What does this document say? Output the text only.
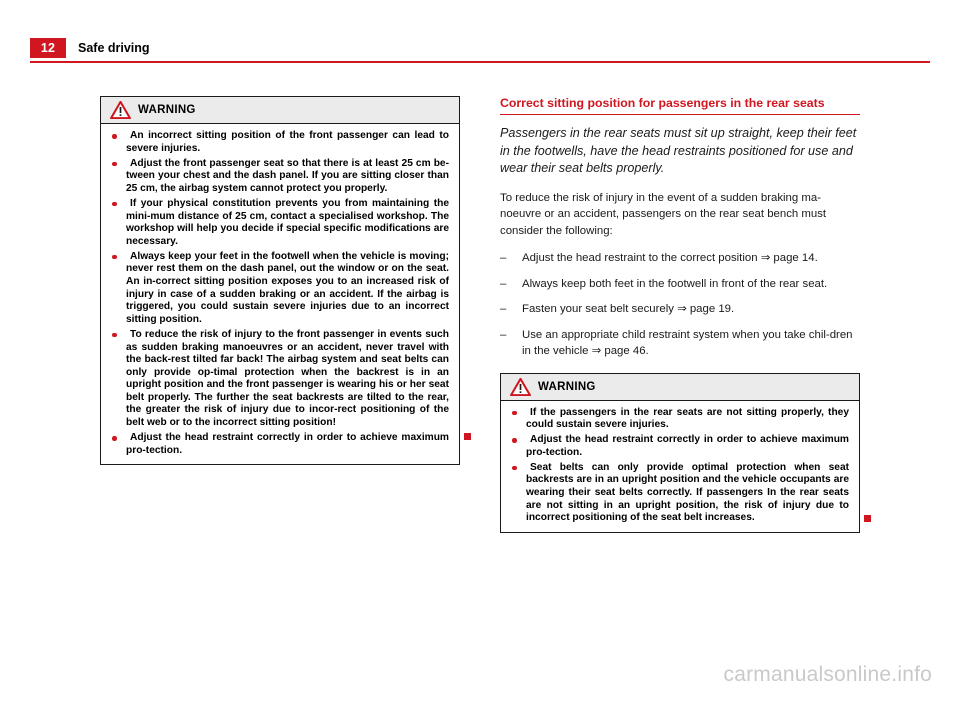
12	Safe driving
WARNING
An incorrect sitting position of the front passenger can lead to severe injuries.
Adjust the front passenger seat so that there is at least 25 cm be-tween your chest and the dash panel. If you are sitting closer than 25 cm, the airbag system cannot protect you properly.
If your physical constitution prevents you from maintaining the mini-mum distance of 25 cm, contact a specialised workshop. The workshop will help you decide if special specific modifications are necessary.
Always keep your feet in the footwell when the vehicle is moving; never rest them on the dash panel, out the window or on the seat. An in-correct sitting position exposes you to an increased risk of injury in case of a sudden braking or an accident. If the airbag is triggered, you could sustain severe injuries due to an incorrect sitting position.
To reduce the risk of injury to the front passenger in events such as sudden braking manoeuvres or an accident, never travel with the back-rest tilted far back! The airbag system and seat belts can only provide op-timal protection when the backrest is in an upright position and the front passenger is wearing his or her seat belt properly. The further the seat backrests are tilted to the rear, the greater the risk of injury due to incor-rect positioning of the belt web or to the incorrect sitting position!
Adjust the head restraint correctly in order to achieve maximum pro-tection.
Correct sitting position for passengers in the rear seats
Passengers in the rear seats must sit up straight, keep their feet in the footwells, have the head restraints positioned for use and wear their seat belts properly.
To reduce the risk of injury in the event of a sudden braking ma-noeuvre or an accident, passengers on the rear seat bench must consider the following:
– Adjust the head restraint to the correct position ⇒ page 14.
– Always keep both feet in the footwell in front of the rear seat.
– Fasten your seat belt securely ⇒ page 19.
– Use an appropriate child restraint system when you take chil-dren in the vehicle ⇒ page 46.
WARNING
If the passengers in the rear seats are not sitting properly, they could sustain severe injuries.
Adjust the head restraint correctly in order to achieve maximum pro-tection.
Seat belts can only provide optimal protection when seat backrests are in an upright position and the vehicle occupants are wearing their seat belts correctly. If passengers In the rear seats are not sitting in an upright position, the risk of injury due to incorrect positioning of the seat belt increases.
carmanualsonline.info
